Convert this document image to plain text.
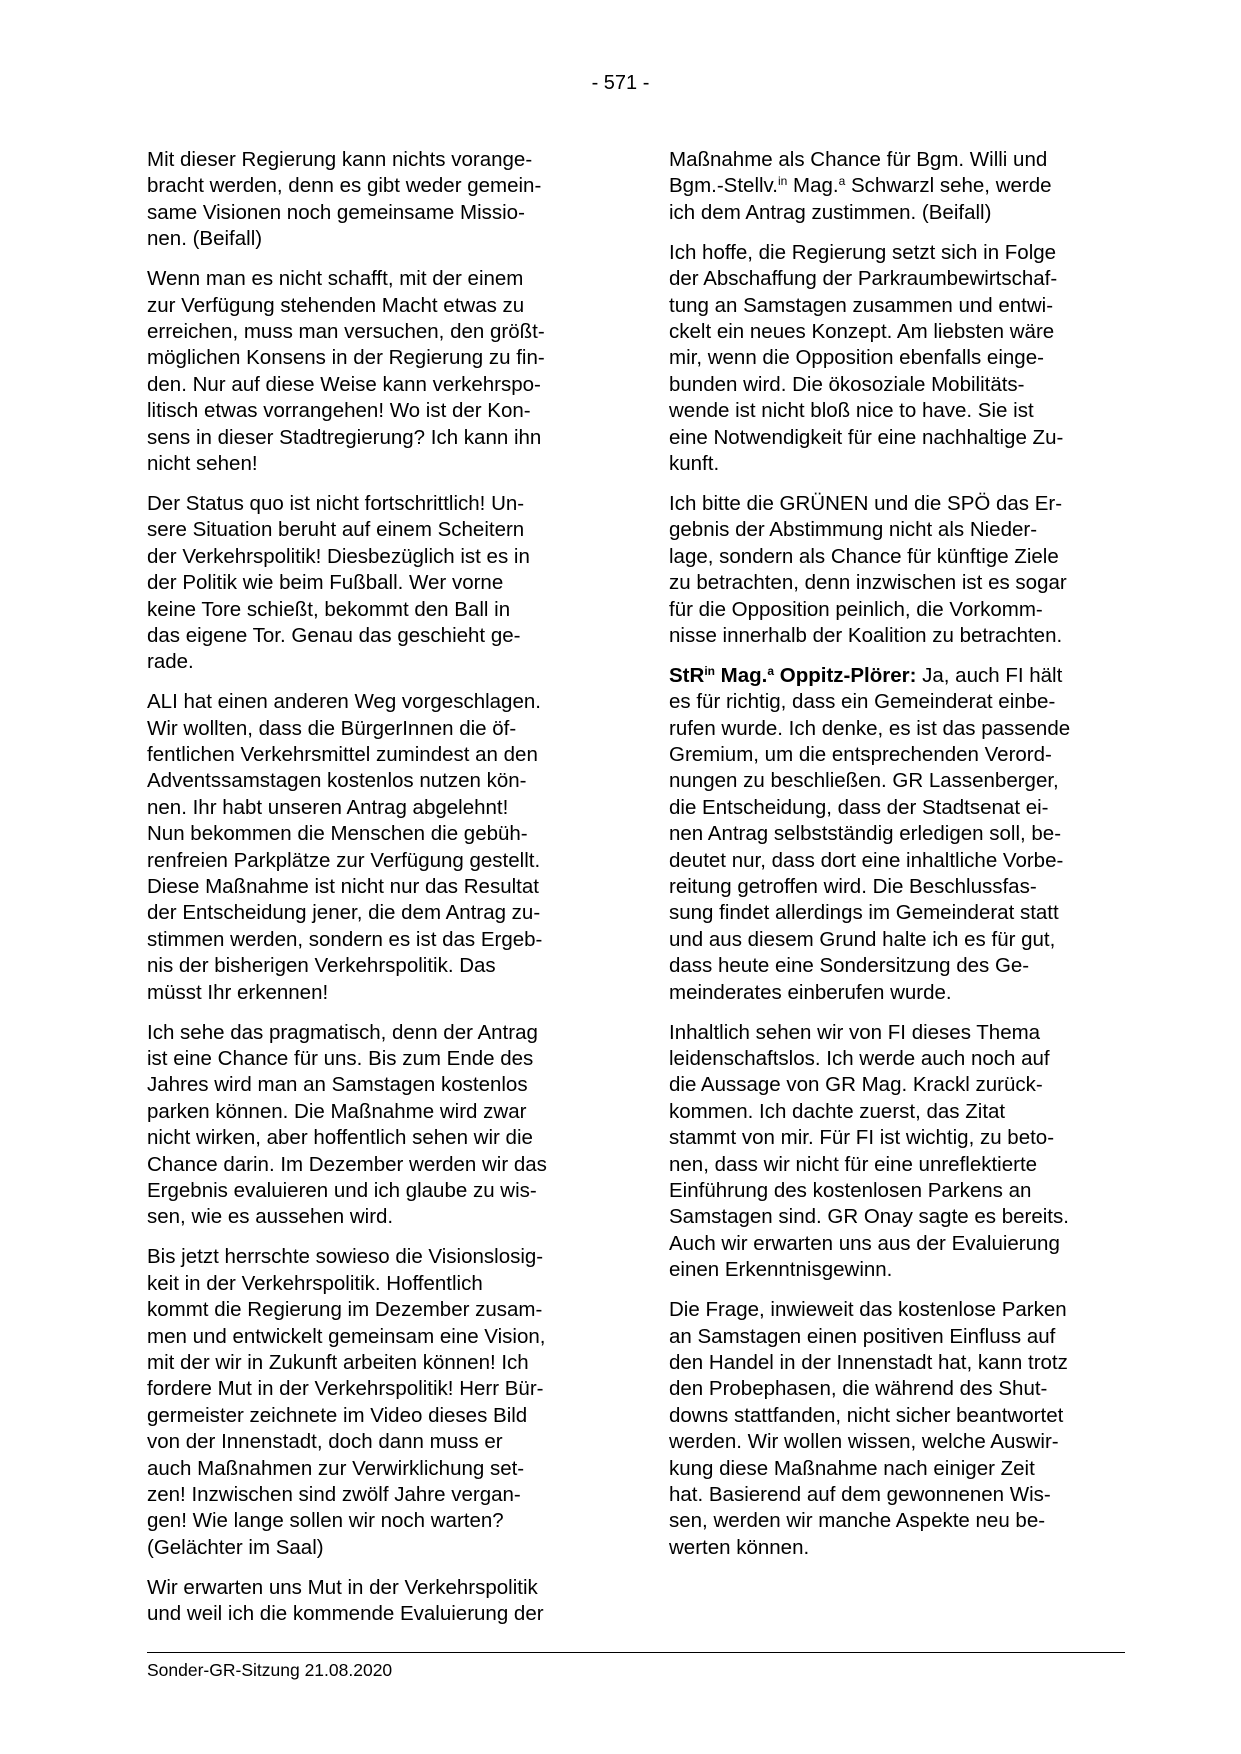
- 571 -

Mit dieser Regierung kann nichts vorange-
bracht werden, denn es gibt weder gemein-
same Visionen noch gemeinsame Missio-
nen. (Beifall)

Wenn man es nicht schafft, mit der einem
zur Verfügung stehenden Macht etwas zu
erreichen, muss man versuchen, den größt-
möglichen Konsens in der Regierung zu fin-
den. Nur auf diese Weise kann verkehrspo-
litisch etwas vorrangehen! Wo ist der Kon-
sens in dieser Stadtregierung? Ich kann ihn
nicht sehen!

Der Status quo ist nicht fortschrittlich! Un-
sere Situation beruht auf einem Scheitern
der Verkehrspolitik! Diesbezüglich ist es in
der Politik wie beim Fußball. Wer vorne
keine Tore schießt, bekommt den Ball in
das eigene Tor. Genau das geschieht ge-
rade.

ALI hat einen anderen Weg vorgeschlagen.
Wir wollten, dass die BürgerInnen die öf-
fentlichen Verkehrsmittel zumindest an den
Adventssamstagen kostenlos nutzen kön-
nen. Ihr habt unseren Antrag abgelehnt!
Nun bekommen die Menschen die gebüh-
renfreien Parkplätze zur Verfügung gestellt.
Diese Maßnahme ist nicht nur das Resultat
der Entscheidung jener, die dem Antrag zu-
stimmen werden, sondern es ist das Ergeb-
nis der bisherigen Verkehrspolitik. Das
müsst Ihr erkennen!

Ich sehe das pragmatisch, denn der Antrag
ist eine Chance für uns. Bis zum Ende des
Jahres wird man an Samstagen kostenlos
parken können. Die Maßnahme wird zwar
nicht wirken, aber hoffentlich sehen wir die
Chance darin. Im Dezember werden wir das
Ergebnis evaluieren und ich glaube zu wis-
sen, wie es aussehen wird.

Bis jetzt herrschte sowieso die Visionslosig-
keit in der Verkehrspolitik. Hoffentlich
kommt die Regierung im Dezember zusam-
men und entwickelt gemeinsam eine Vision,
mit der wir in Zukunft arbeiten können! Ich
fordere Mut in der Verkehrspolitik! Herr Bür-
germeister zeichnete im Video dieses Bild
von der Innenstadt, doch dann muss er
auch Maßnahmen zur Verwirklichung set-
zen! Inzwischen sind zwölf Jahre vergan-
gen! Wie lange sollen wir noch warten?
(Gelächter im Saal)

Wir erwarten uns Mut in der Verkehrspolitik
und weil ich die kommende Evaluierung der

Maßnahme als Chance für Bgm. Willi und
Bgm.-Stellv.$^{in}$ Mag.$^a$ Schwarzl sehe, werde
ich dem Antrag zustimmen. (Beifall)

Ich hoffe, die Regierung setzt sich in Folge
der Abschaffung der Parkraumbewirtschaf-
tung an Samstagen zusammen und entwi-
ckelt ein neues Konzept. Am liebsten wäre
mir, wenn die Opposition ebenfalls einge-
bunden wird. Die ökosoziale Mobilitäts-
wende ist nicht bloß nice to have. Sie ist
eine Notwendigkeit für eine nachhaltige Zu-
kunft.

Ich bitte die GRÜNEN und die SPÖ das Er-
gebnis der Abstimmung nicht als Nieder-
lage, sondern als Chance für künftige Ziele
zu betrachten, denn inzwischen ist es sogar
für die Opposition peinlich, die Vorkomm-
nisse innerhalb der Koalition zu betrachten.

StR$^{in}$ Mag.$^a$ Oppitz-Plörer: Ja, auch FI hält
es für richtig, dass ein Gemeinderat einbe-
rufen wurde. Ich denke, es ist das passende
Gremium, um die entsprechenden Verord-
nungen zu beschließen. GR Lassenberger,
die Entscheidung, dass der Stadtsenat ei-
nen Antrag selbstständig erledigen soll, be-
deutet nur, dass dort eine inhaltliche Vorbe-
reitung getroffen wird. Die Beschlussfas-
sung findet allerdings im Gemeinderat statt
und aus diesem Grund halte ich es für gut,
dass heute eine Sondersitzung des Ge-
meinderates einberufen wurde.

Inhaltlich sehen wir von FI dieses Thema
leidenschaftslos. Ich werde auch noch auf
die Aussage von GR Mag. Krackl zurück-
kommen. Ich dachte zuerst, das Zitat
stammt von mir. Für FI ist wichtig, zu beto-
nen, dass wir nicht für eine unreflektierte
Einführung des kostenlosen Parkens an
Samstagen sind. GR Onay sagte es bereits.
Auch wir erwarten uns aus der Evaluierung
einen Erkenntnisgewinn.

Die Frage, inwieweit das kostenlose Parken
an Samstagen einen positiven Einfluss auf
den Handel in der Innenstadt hat, kann trotz
den Probephasen, die während des Shut-
downs stattfanden, nicht sicher beantwortet
werden. Wir wollen wissen, welche Auswir-
kung diese Maßnahme nach einiger Zeit
hat. Basierend auf dem gewonnenen Wis-
sen, werden wir manche Aspekte neu be-
werten können.

Sonder-GR-Sitzung 21.08.2020
